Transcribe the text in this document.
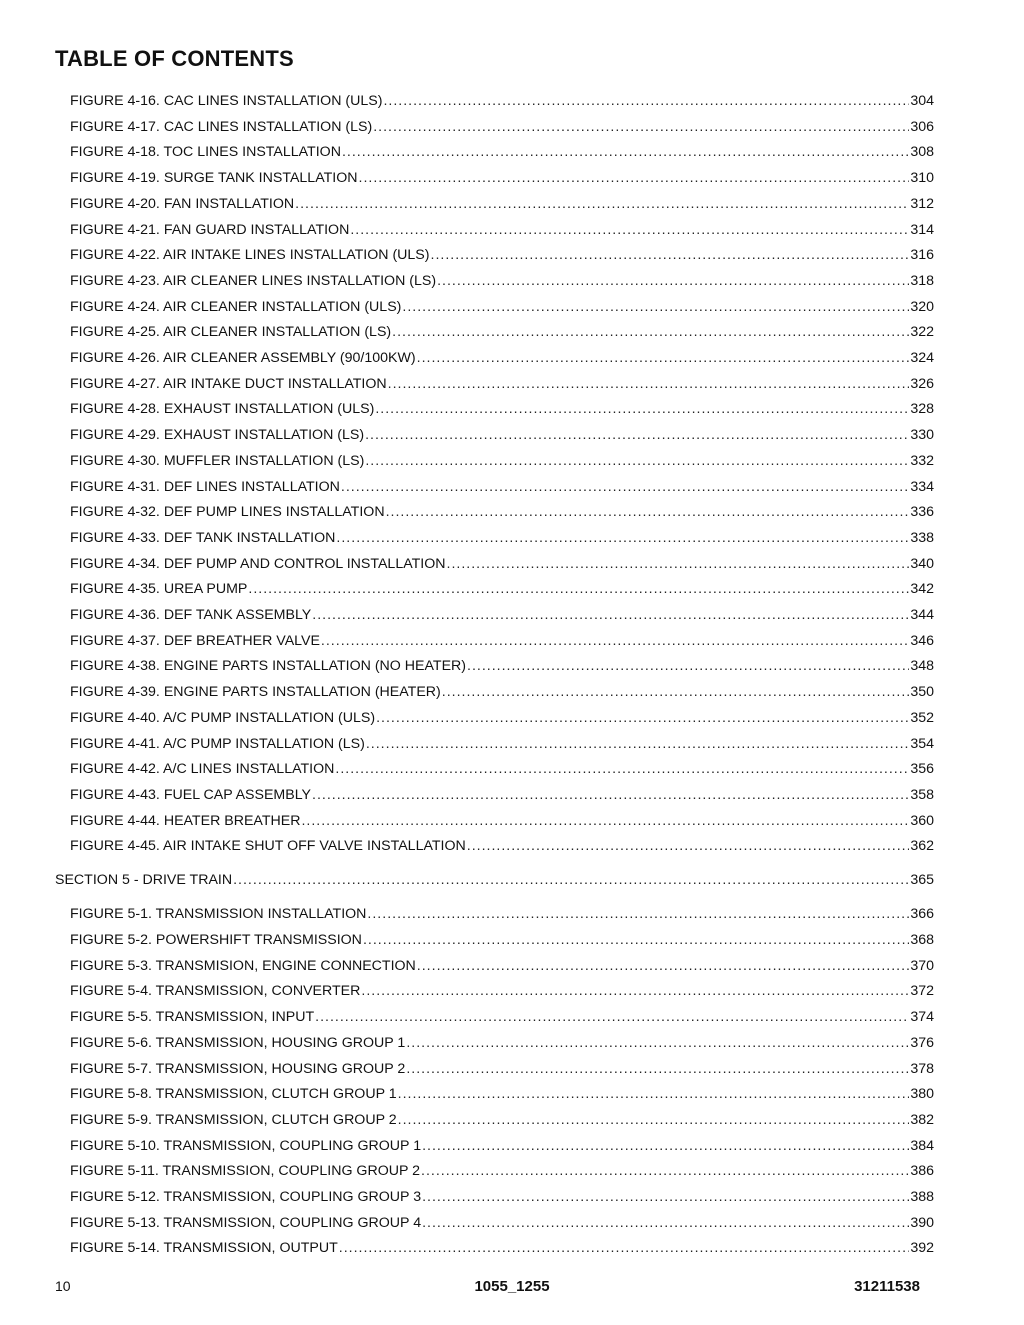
TABLE OF CONTENTS
FIGURE 4-16. CAC LINES INSTALLATION (ULS) .....	304
FIGURE 4-17. CAC LINES INSTALLATION (LS) .....	306
FIGURE 4-18. TOC LINES INSTALLATION .....	308
FIGURE 4-19. SURGE TANK INSTALLATION .....	310
FIGURE 4-20. FAN INSTALLATION .....	312
FIGURE 4-21. FAN GUARD INSTALLATION .....	314
FIGURE 4-22. AIR INTAKE LINES INSTALLATION (ULS) .....	316
FIGURE 4-23. AIR CLEANER LINES INSTALLATION (LS) .....	318
FIGURE 4-24. AIR CLEANER INSTALLATION (ULS) .....	320
FIGURE 4-25. AIR CLEANER INSTALLATION (LS) .....	322
FIGURE 4-26. AIR CLEANER ASSEMBLY (90/100KW) .....	324
FIGURE 4-27. AIR INTAKE DUCT INSTALLATION .....	326
FIGURE 4-28. EXHAUST INSTALLATION (ULS) .....	328
FIGURE 4-29. EXHAUST INSTALLATION (LS) .....	330
FIGURE 4-30. MUFFLER INSTALLATION (LS) .....	332
FIGURE 4-31. DEF LINES INSTALLATION .....	334
FIGURE 4-32. DEF PUMP LINES INSTALLATION .....	336
FIGURE 4-33. DEF TANK INSTALLATION .....	338
FIGURE 4-34. DEF PUMP AND CONTROL INSTALLATION .....	340
FIGURE 4-35. UREA PUMP .....	342
FIGURE 4-36. DEF TANK ASSEMBLY .....	344
FIGURE 4-37. DEF BREATHER VALVE .....	346
FIGURE 4-38. ENGINE PARTS INSTALLATION (NO HEATER) .....	348
FIGURE 4-39. ENGINE PARTS INSTALLATION (HEATER) .....	350
FIGURE 4-40. A/C PUMP INSTALLATION (ULS) .....	352
FIGURE 4-41. A/C PUMP INSTALLATION (LS) .....	354
FIGURE 4-42. A/C LINES INSTALLATION .....	356
FIGURE 4-43. FUEL CAP ASSEMBLY .....	358
FIGURE 4-44. HEATER BREATHER .....	360
FIGURE 4-45. AIR INTAKE SHUT OFF VALVE INSTALLATION .....	362
SECTION 5 - DRIVE TRAIN .....	365
FIGURE 5-1. TRANSMISSION INSTALLATION .....	366
FIGURE 5-2. POWERSHIFT TRANSMISSION .....	368
FIGURE 5-3. TRANSMISION, ENGINE CONNECTION .....	370
FIGURE 5-4. TRANSMISSION, CONVERTER .....	372
FIGURE 5-5. TRANSMISSION, INPUT .....	374
FIGURE 5-6. TRANSMISSION, HOUSING GROUP 1 .....	376
FIGURE 5-7. TRANSMISSION, HOUSING GROUP 2 .....	378
FIGURE 5-8. TRANSMISSION, CLUTCH GROUP 1 .....	380
FIGURE 5-9. TRANSMISSION, CLUTCH GROUP 2 .....	382
FIGURE 5-10. TRANSMISSION, COUPLING GROUP 1 .....	384
FIGURE 5-11. TRANSMISSION, COUPLING GROUP 2 .....	386
FIGURE 5-12. TRANSMISSION, COUPLING GROUP 3 .....	388
FIGURE 5-13. TRANSMISSION, COUPLING GROUP 4 .....	390
FIGURE 5-14. TRANSMISSION, OUTPUT .....	392
10	1055_1255	31211538
